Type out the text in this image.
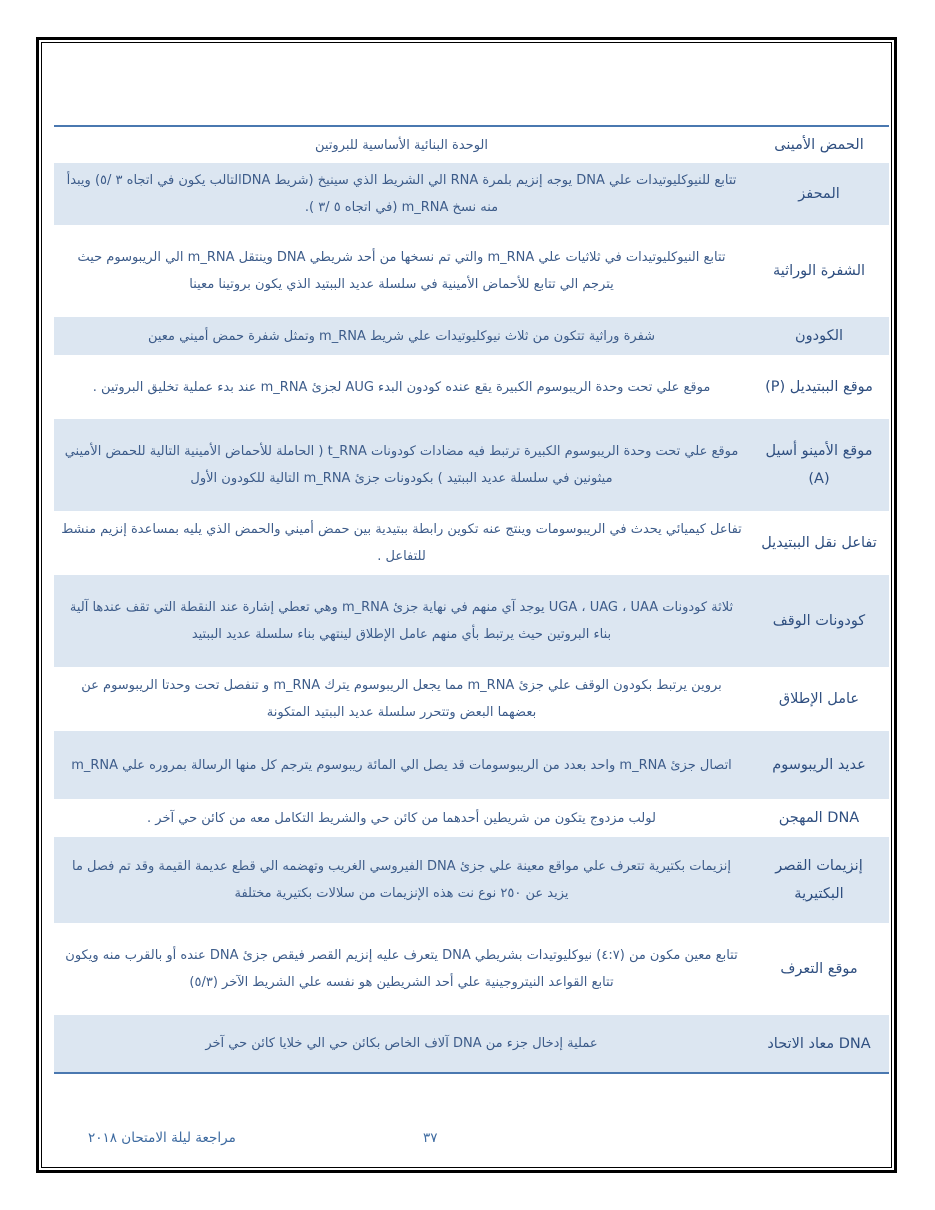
الحمض الأمينى	الوحدة البنائية الأساسية للبروتين
المحفز	تتابع للنيوكليوتيدات علي DNA يوجه إنزيم بلمرة RNA الي الشريط الذي سينيخ (شريط DNAالتالب يكون في اتجاه ٣ /٥) ويبدأ منه نسخ m_RNA (في اتجاه ٥ /٣ ).
الشفرة الوراثية	تتابع النيوكليوتيدات في ثلاثيات علي m_RNA والتي تم نسخها من أحد شريطي DNA وينتقل m_RNA الي الريبوسوم حيث يترجم الي تتابع للأحماض الأمينية في سلسلة عديد الببتيد الذي يكون بروتينا معينا
الكودون	شفرة وراثية تتكون من ثلاث نيوكليوتيدات علي شريط m_RNA وتمثل شفرة حمض أميني معين
موقع الببتيديل (P)	موقع علي تحت وحدة الريبوسوم الكبيرة يقع عنده كودون البدء AUG لجزئ m_RNA عند بدء عملية تخليق البروتين .
موقع الأمينو أسيل (A)	موقع علي تحت وحدة الريبوسوم الكبيرة ترتبط فيه مضادات كودونات t_RNA ( الحاملة للأحماض الأمينية التالية للحمض الأميني ميثونين في سلسلة عديد الببتيد ) بكودونات جزئ m_RNA التالية للكودون الأول
تفاعل نقل الببتيديل	تفاعل كيميائي يحدث في الريبوسومات وينتج عنه تكوين رابطة ببتيدية بين حمض أميني والحمض الذي يليه بمساعدة إنزيم منشط للتفاعل .
كودونات الوقف	ثلاثة كودونات UGA ، UAG ، UAA يوجد آي منهم في نهاية جزئ m_RNA وهي تعطي إشارة عند النقطة التي تقف عندها آلية بناء البروتين حيث يرتبط بأي منهم عامل الإطلاق لينتهي بناء سلسلة عديد الببتيد
عامل الإطلاق	بروين يرتبط بكودون الوقف علي جزئ m_RNA مما يجعل الريبوسوم يترك m_RNA و تنفصل تحت وحدتا الريبوسوم عن بعضهما البعض وتتحرر سلسلة عديد الببتيد المتكونة
عديد الريبوسوم	اتصال جزئ m_RNA واحد بعدد من الريبوسومات قد يصل الي المائة ريبوسوم يترجم كل منها الرسالة بمروره علي m_RNA
DNA المهجن	لولب مزدوج يتكون من شريطين أحدهما من كائن حي والشريط التكامل معه من كائن حي آخر .
إنزيمات القصر البكتيرية	إنزيمات بكتيرية تتعرف علي مواقع معينة علي جزئ DNA الفيروسي الغريب وتهضمه الي قطع عديمة القيمة وقد تم فصل ما يزيد عن ٢٥٠ نوع نت هذه الإنزيمات من سلالات بكتيرية مختلفة
موقع التعرف	تتابع معين مكون من (٤:٧) نيوكليوتيدات بشريطي DNA يتعرف عليه إنزيم القصر فيقص جزئ DNA عنده أو بالقرب منه ويكون تتابع القواعد النيتروجينية علي أحد الشريطين هو نفسه علي الشريط الآخر (٥/٣)
DNA معاد الاتحاد	عملية إدخال جزء من DNA آلاف الخاص بكائن حي الي خلايا كائن حي آخر
مراجعة ليلة الامتحان ٢٠١٨	٣٧
